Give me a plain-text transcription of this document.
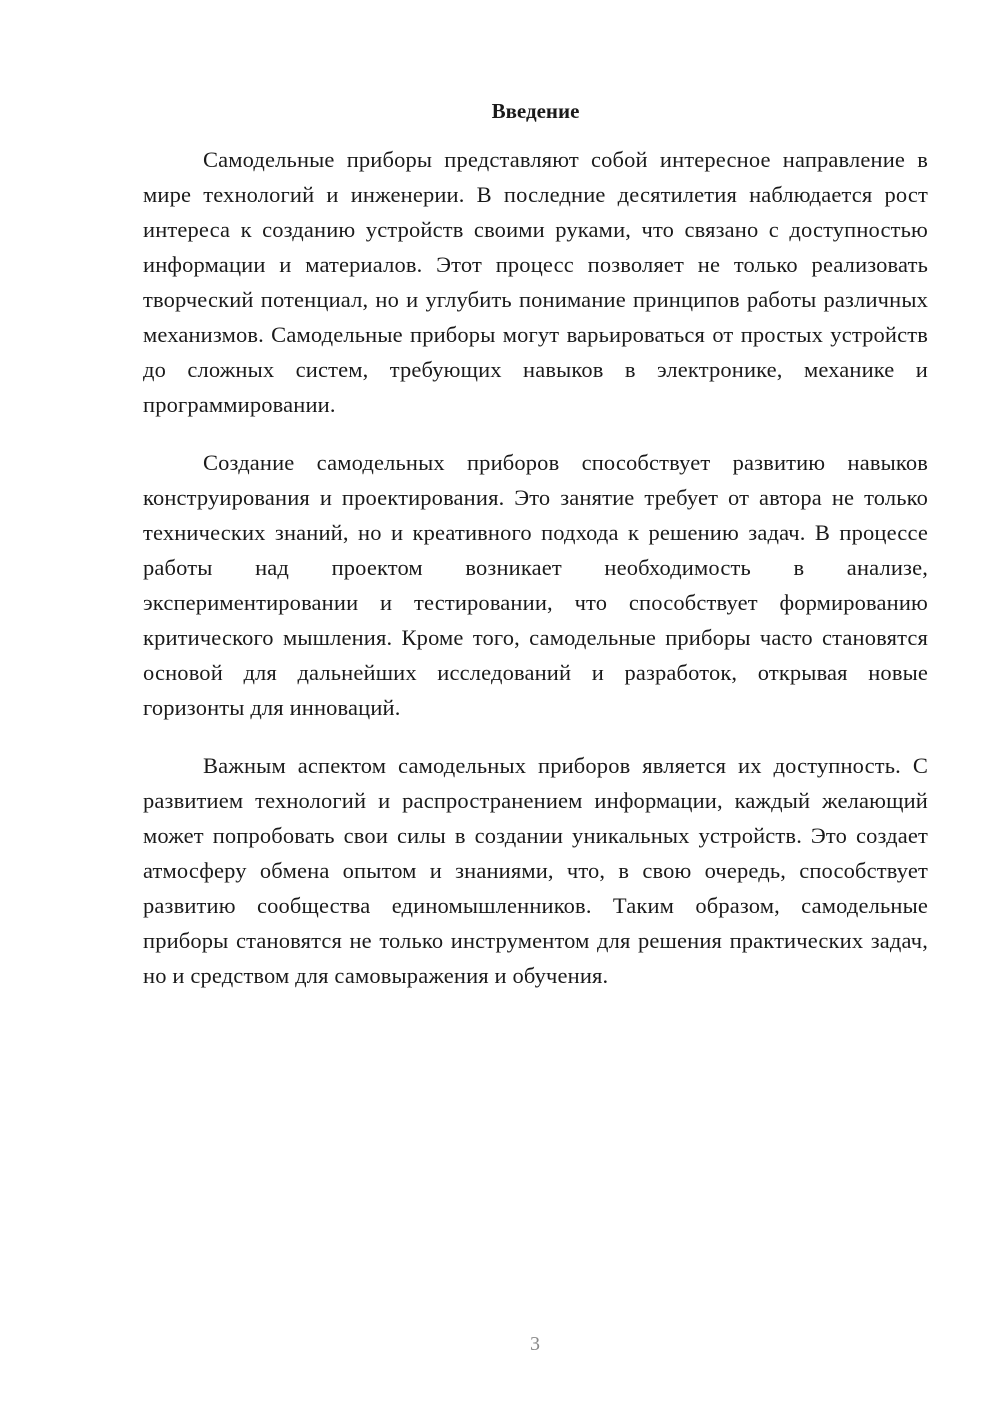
Введение

Самодельные приборы представляют собой интересное направление в мире технологий и инженерии. В последние десятилетия наблюдается рост интереса к созданию устройств своими руками, что связано с доступностью информации и материалов. Этот процесс позволяет не только реализовать творческий потенциал, но и углубить понимание принципов работы различных механизмов. Самодельные приборы могут варьироваться от простых устройств до сложных систем, требующих навыков в электронике, механике и программировании.

Создание самодельных приборов способствует развитию навыков конструирования и проектирования. Это занятие требует от автора не только технических знаний, но и креативного подхода к решению задач. В процессе работы над проектом возникает необходимость в анализе, экспериментировании и тестировании, что способствует формированию критического мышления. Кроме того, самодельные приборы часто становятся основой для дальнейших исследований и разработок, открывая новые горизонты для инноваций.

Важным аспектом самодельных приборов является их доступность. С развитием технологий и распространением информации, каждый желающий может попробовать свои силы в создании уникальных устройств. Это создает атмосферу обмена опытом и знаниями, что, в свою очередь, способствует развитию сообщества единомышленников. Таким образом, самодельные приборы становятся не только инструментом для решения практических задач, но и средством для самовыражения и обучения.

3
